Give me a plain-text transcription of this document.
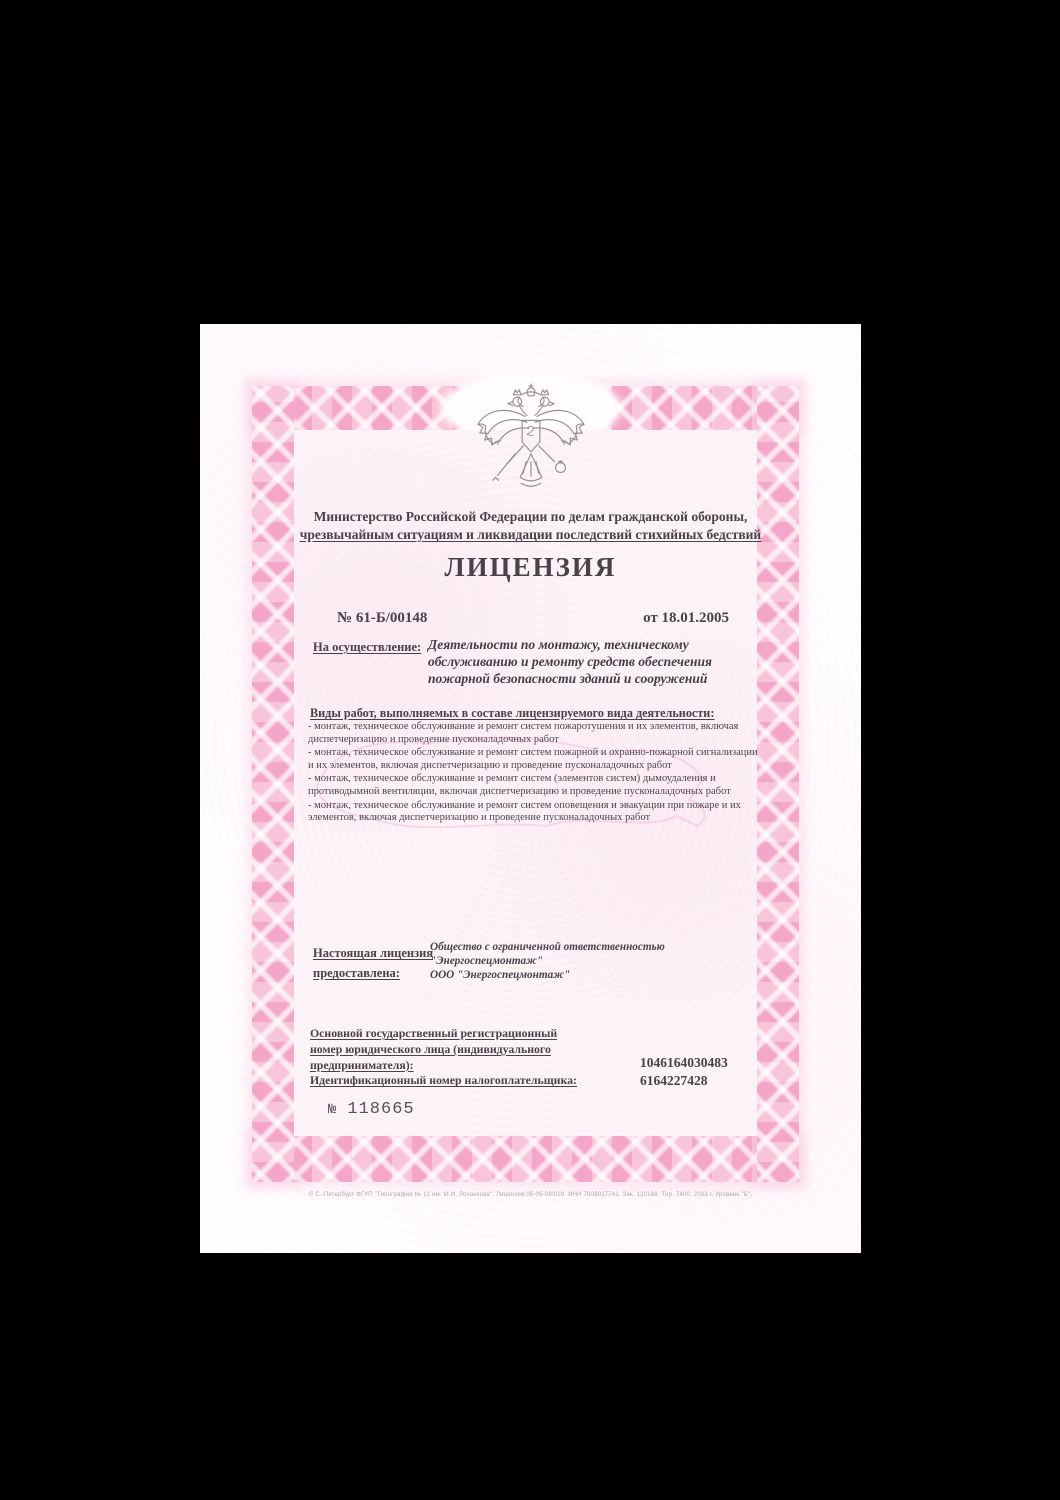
Министерство Российской Федерации по делам гражданской обороны,
чрезвычайным ситуациям и ликвидации последствий стихийных бедствий
ЛИЦЕНЗИЯ
№ 61-Б/00148	от 18.01.2005
На осуществление: Деятельности по монтажу, техническому
обслуживанию и ремонту средств обеспечения
пожарной безопасности зданий и сооружений
Виды работ, выполняемых в составе лицензируемого вида деятельности:

- монтаж, техническое обслуживание и ремонт систем пожаротушения и их элементов, включая диспетчеризацию и проведение пусконаладочных работ

- монтаж, техническое обслуживание и ремонт систем пожарной и охранно-пожарной сигнализации и их элементов, включая диспетчеризацию и проведение пусконаладочных работ

- монтаж, техническое обслуживание и ремонт систем (элементов систем) дымоудаления и противодымной вентиляции, включая диспетчеризацию и проведение пусконаладочных работ

- монтаж, техническое обслуживание и ремонт систем оповещения и эвакуации при пожаре и их элементов, включая диспетчеризацию и проведение пусконаладочных работ

Настоящая лицензия
предоставлена:
Общество с ограниченной ответственностью
"Энергоспецмонтаж"
ООО "Энергоспецмонтаж"
Основной государственный регистрационный
номер юридического лица (индивидуального
предпринимателя):
Идентификационный номер налогоплательщика:
1046164030483
6164227428
№ 118665
© С.-Петербург ФГУП "Типография № 12 им. М.И. Лоханкова". Лицензия 05-05-09/019. ИНН 7808037741. Зак. 130188. Тир. 7400. 2003 г. Уровень "Б".
